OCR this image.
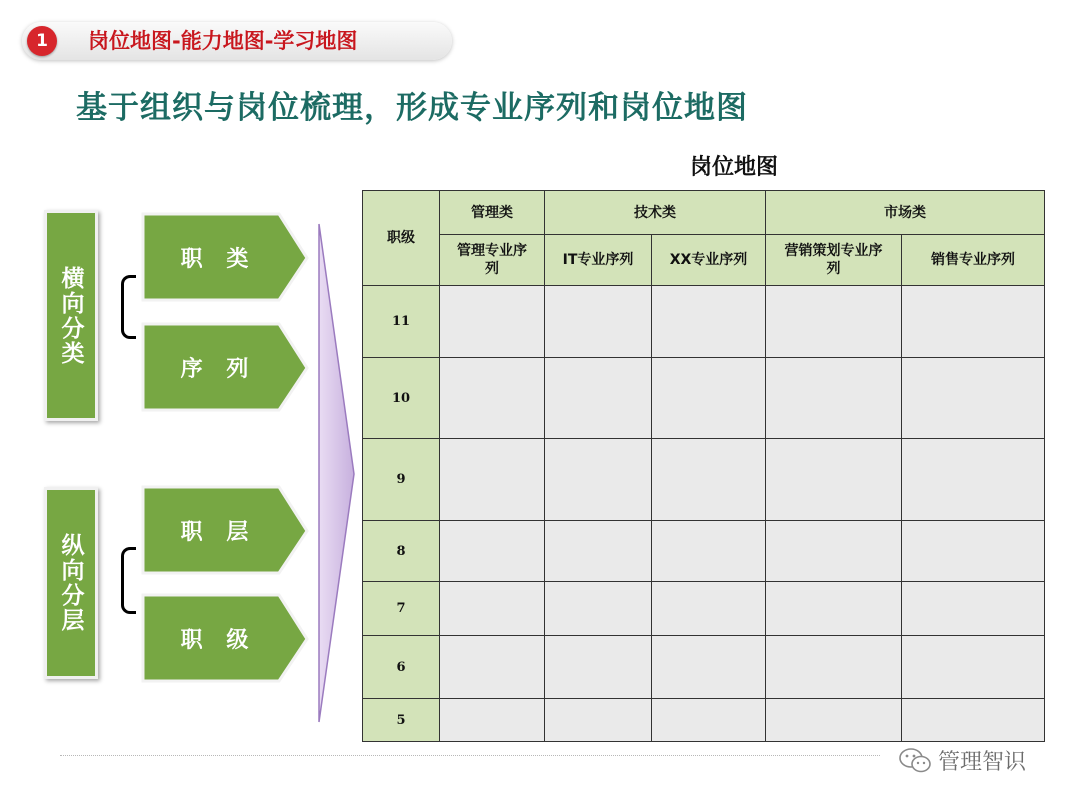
1	岗位地图-能力地图-学习地图
基于组织与岗位梳理，形成专业序列和岗位地图
岗位地图
横向分类
纵向分层
职 类
序 列
职 层
职 级
职级	管理类	技术类		市场类	
	管理专业序列	IT专业序列	XX专业序列	营销策划专业序列	销售专业序列
11					
10					
9					
8					
7					
6					
5					
管理智识
